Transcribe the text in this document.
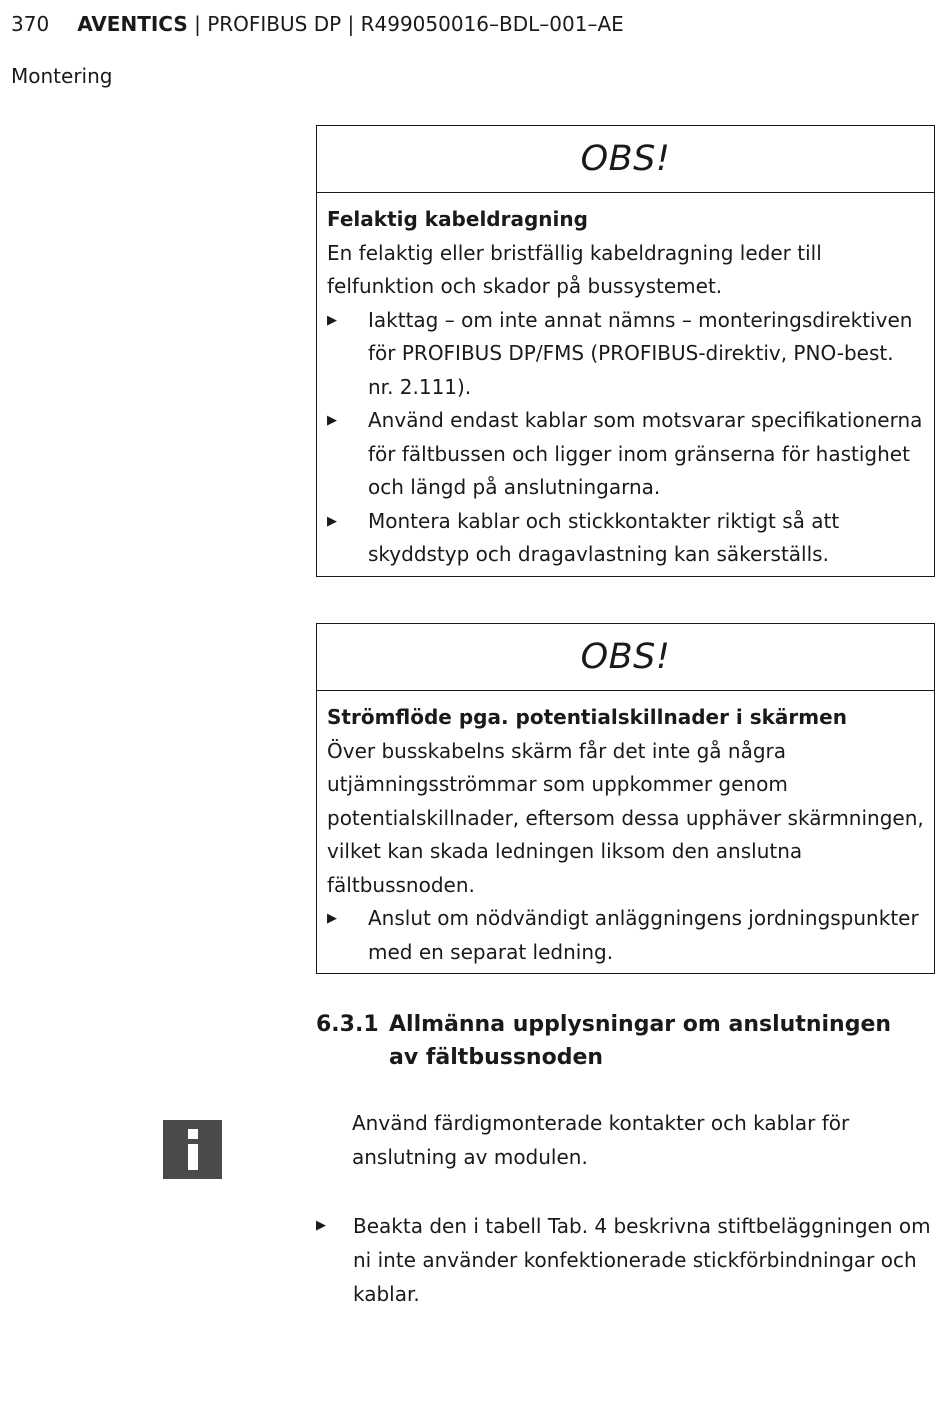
370 AVENTICS | PROFIBUS DP | R499050016–BDL–001–AE
Montering
OBS!
Felaktig kabeldragning
En felaktig eller bristfällig kabeldragning leder till felfunktion och skador på bussystemet.
▶ Iakttag – om inte annat nämns – monteringsdirektiven för PROFIBUS DP/FMS (PROFIBUS-direktiv, PNO-best. nr. 2.111).
▶ Använd endast kablar som motsvarar specifikationerna för fältbussen och ligger inom gränserna för hastighet och längd på anslutningarna.
▶ Montera kablar och stickkontakter riktigt så att skyddstyp och dragavlastning kan säkerställs.
OBS!
Strömflöde pga. potentialskillnader i skärmen
Över busskabelns skärm får det inte gå några utjämningsströmmar som uppkommer genom potentialskillnader, eftersom dessa upphäver skärmningen, vilket kan skada ledningen liksom den anslutna fältbussnoden.
▶ Anslut om nödvändigt anläggningens jordningspunkter med en separat ledning.
6.3.1 Allmänna upplysningar om anslutningen av fältbussnoden
Använd färdigmonterade kontakter och kablar för anslutning av modulen.
▶	Beakta den i tabell Tab. 4 beskrivna stiftbeläggningen om ni inte använder konfektionerade stickförbindningar och kablar.
